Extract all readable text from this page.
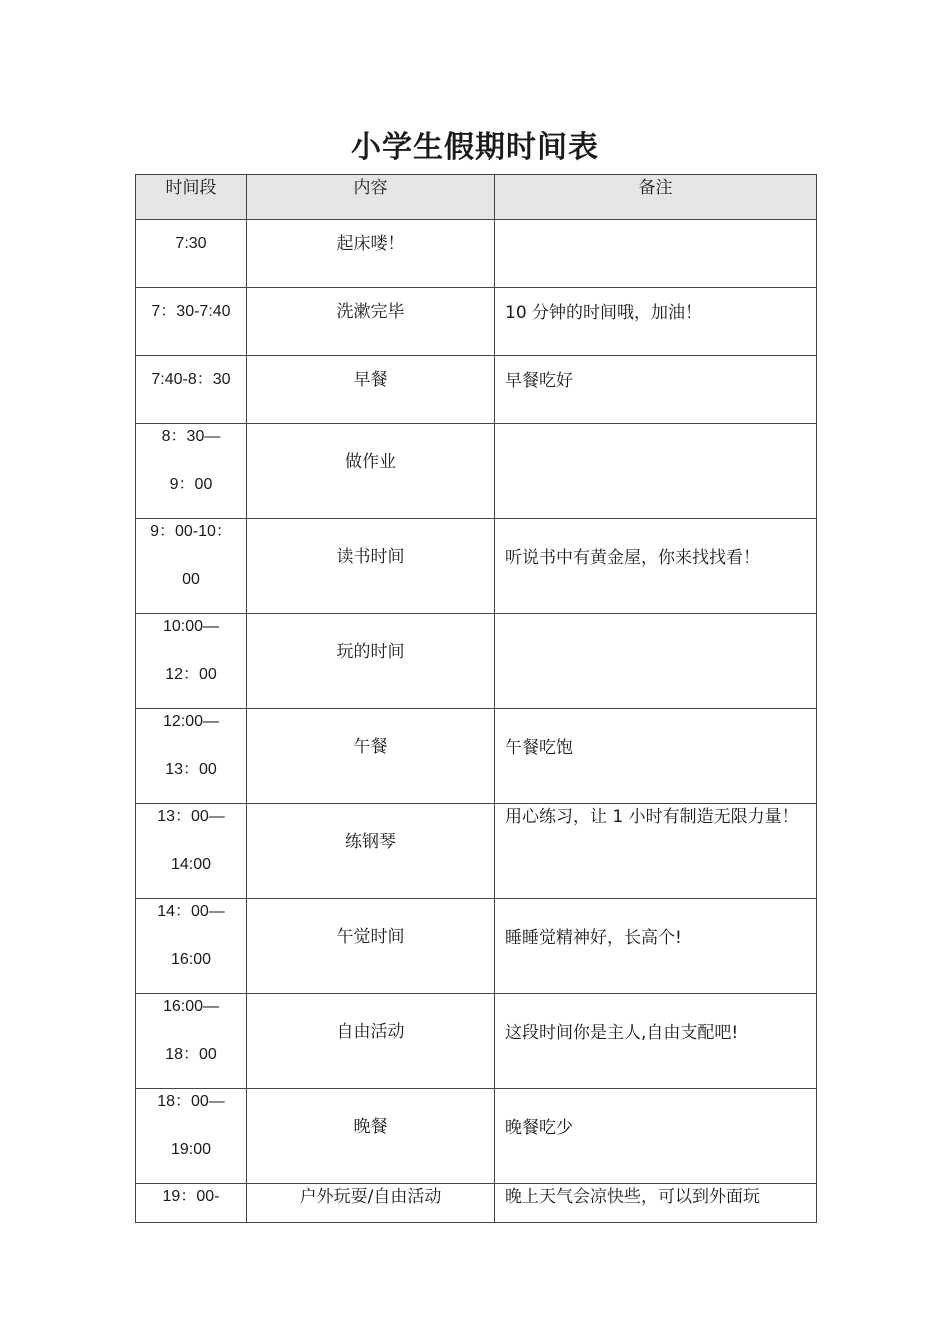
小学生假期时间表
时间段	内容	备注

7:30	起床喽！	

7：30-7:40	洗漱完毕	10 分钟的时间哦，加油！

7:40-8：30	早餐	早餐吃好

8：30—
9：00	做作业	

9：00-10：
00	读书时间	听说书中有黄金屋，你来找找看！

10:00—
12：00	玩的时间	

12:00—
13：00	午餐	午餐吃饱

13：00—
14:00	练钢琴	用心练习，让 1 小时有制造无限力量！

14：00—
16:00	午觉时间	睡睡觉精神好，长高个!

16:00—
18：00	自由活动	这段时间你是主人,自由支配吧!

18：00—
19:00	晚餐	晚餐吃少

19：00-	户外玩耍/自由活动	晚上天气会凉快些，可以到外面玩
